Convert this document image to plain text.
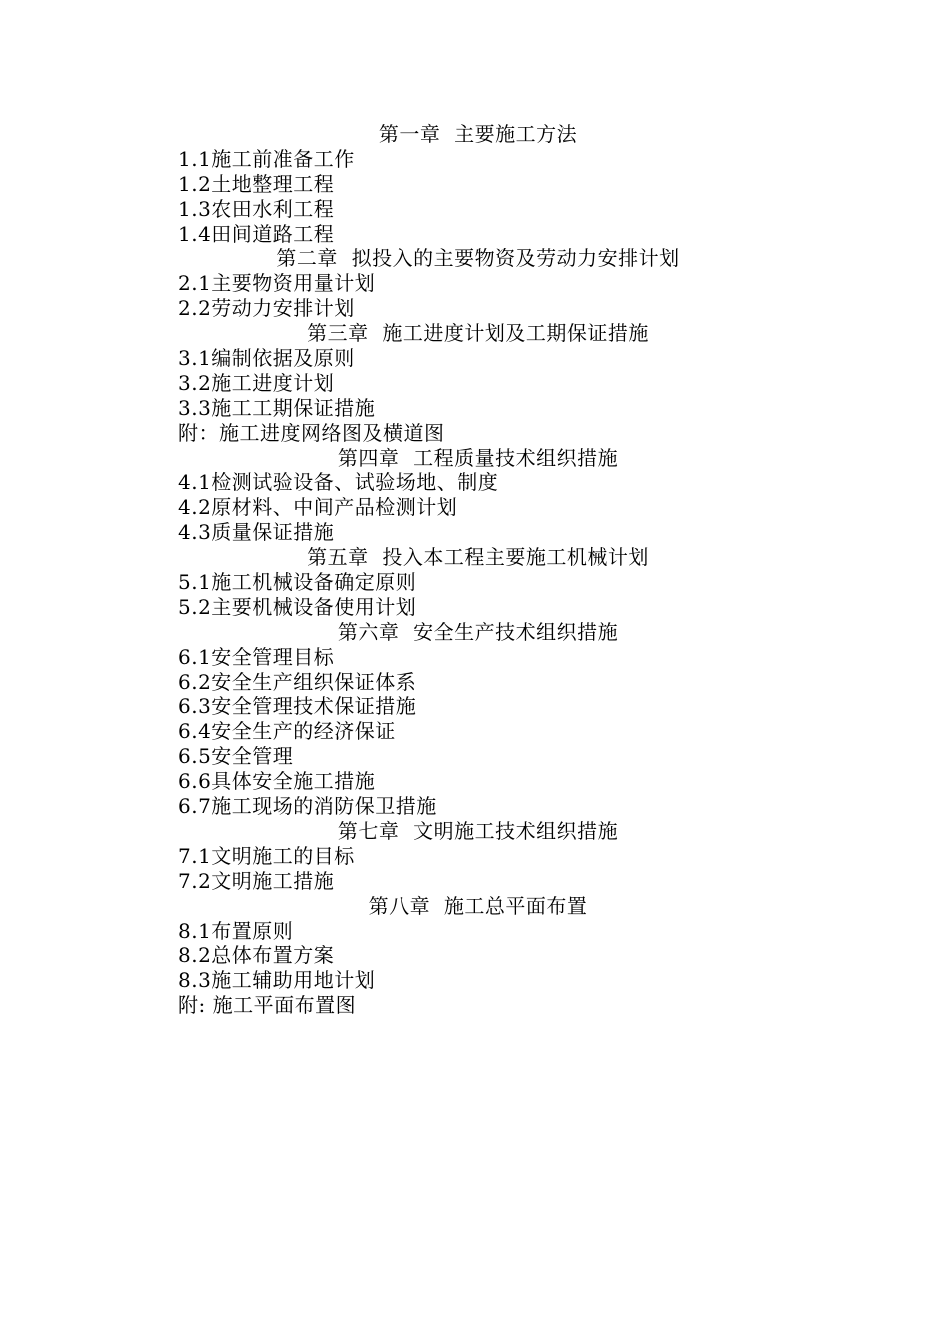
第一章  主要施工方法
1.1施工前准备工作
1.2土地整理工程
1.3农田水利工程
1.4田间道路工程
第二章  拟投入的主要物资及劳动力安排计划
2.1主要物资用量计划
2.2劳动力安排计划
第三章  施工进度计划及工期保证措施
3.1编制依据及原则
3.2施工进度计划
3.3施工工期保证措施
附：施工进度网络图及横道图
第四章  工程质量技术组织措施
4.1检测试验设备、试验场地、制度
4.2原材料、中间产品检测计划
4.3质量保证措施
第五章  投入本工程主要施工机械计划
5.1施工机械设备确定原则
5.2主要机械设备使用计划
第六章  安全生产技术组织措施
6.1安全管理目标
6.2安全生产组织保证体系
6.3安全管理技术保证措施
6.4安全生产的经济保证
6.5安全管理
6.6具体安全施工措施
6.7施工现场的消防保卫措施
第七章  文明施工技术组织措施
7.1文明施工的目标
7.2文明施工措施
第八章  施工总平面布置
8.1布置原则
8.2总体布置方案
8.3施工辅助用地计划
附: 施工平面布置图
